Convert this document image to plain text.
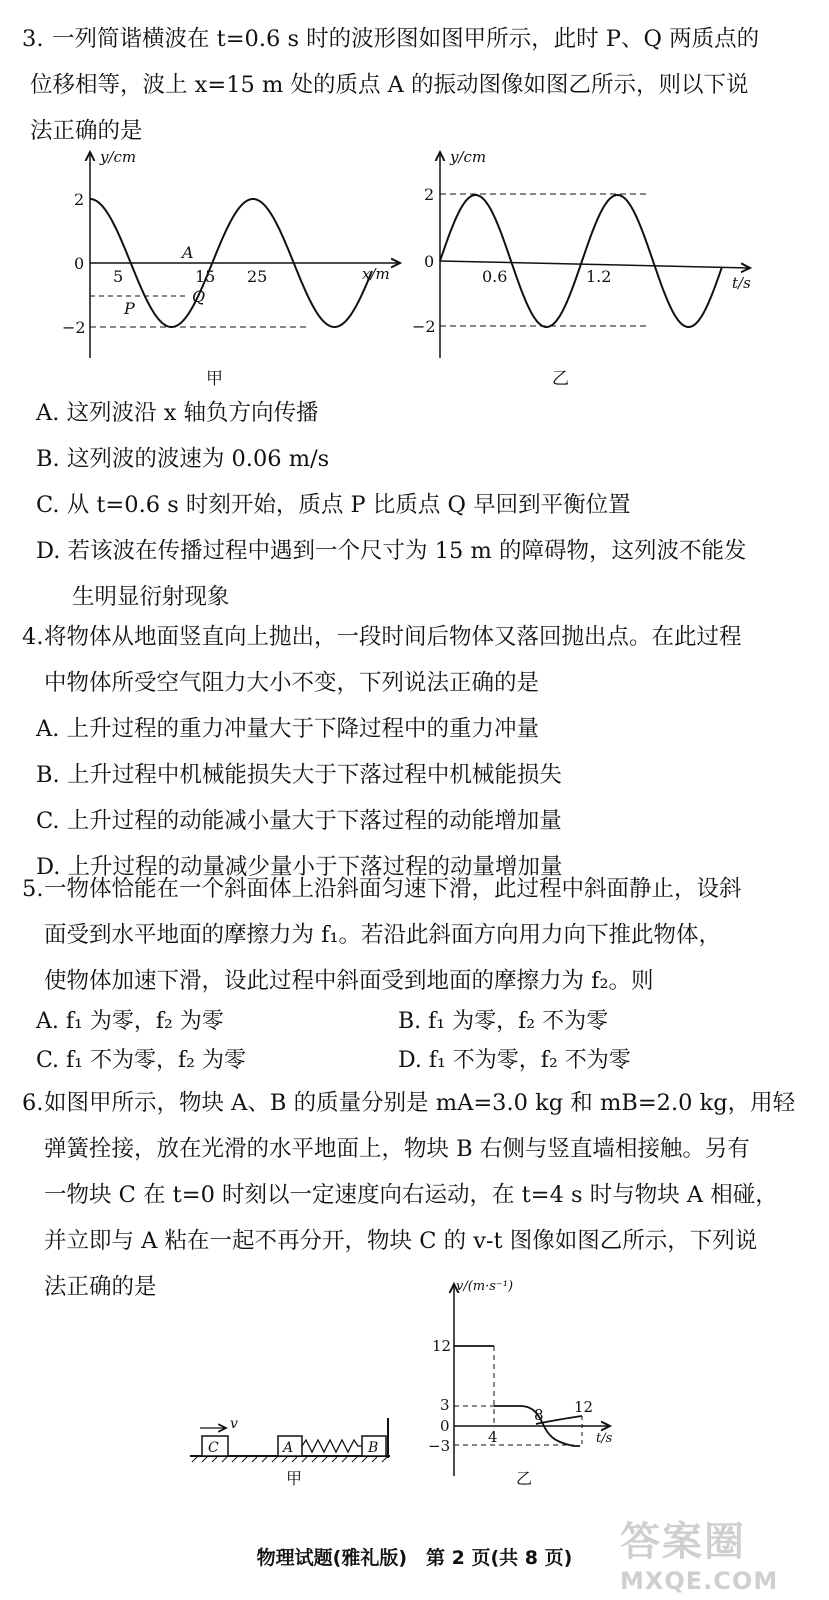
3. 一列简谐横波在 t=0.6 s 时的波形图如图甲所示，此时 P、Q 两质点的
位移相等，波上 x=15 m 处的质点 A 的振动图像如图乙所示，则以下说
法正确的是
y/cm
x/m
2
0
−2
5	15 25
A
P
Q
甲
y/cm
t/s
2
0
−2
0.6	1.2
乙
A. 这列波沿 x 轴负方向传播
B. 这列波的波速为 0.06 m/s
C. 从 t=0.6 s 时刻开始，质点 P 比质点 Q 早回到平衡位置
D. 若该波在传播过程中遇到一个尺寸为 15 m 的障碍物，这列波不能发
生明显衍射现象
4.将物体从地面竖直向上抛出，一段时间后物体又落回抛出点。在此过程
中物体所受空气阻力大小不变，下列说法正确的是
A. 上升过程的重力冲量大于下降过程中的重力冲量
B. 上升过程中机械能损失大于下落过程中机械能损失
C. 上升过程的动能减小量大于下落过程的动能增加量
D. 上升过程的动量减少量小于下落过程的动量增加量
5.一物体恰能在一个斜面体上沿斜面匀速下滑，此过程中斜面静止，设斜
面受到水平地面的摩擦力为 f₁。若沿此斜面方向用力向下推此物体，
使物体加速下滑，设此过程中斜面受到地面的摩擦力为 f₂。则
A. f₁ 为零，f₂ 为零	B. f₁ 为零，f₂ 不为零
C. f₁ 不为零，f₂ 为零	D. f₁ 不为零，f₂ 不为零
6.如图甲所示，物块 A、B 的质量分别是 mA=3.0 kg 和 mB=2.0 kg，用轻
弹簧拴接，放在光滑的水平地面上，物块 B 右侧与竖直墙相接触。另有
一物块 C 在 t=0 时刻以一定速度向右运动，在 t=4 s 时与物块 A 相碰，
并立即与 A 粘在一起不再分开，物块 C 的 v-t 图像如图乙所示，下列说
法正确的是
C
v
A	B
甲
v/(m·s⁻¹)
t/s
12
3
0
−3	4
8 12
乙
物理试题(雅礼版)　第 2 页(共 8 页)	答案圈
MXQE.COM
